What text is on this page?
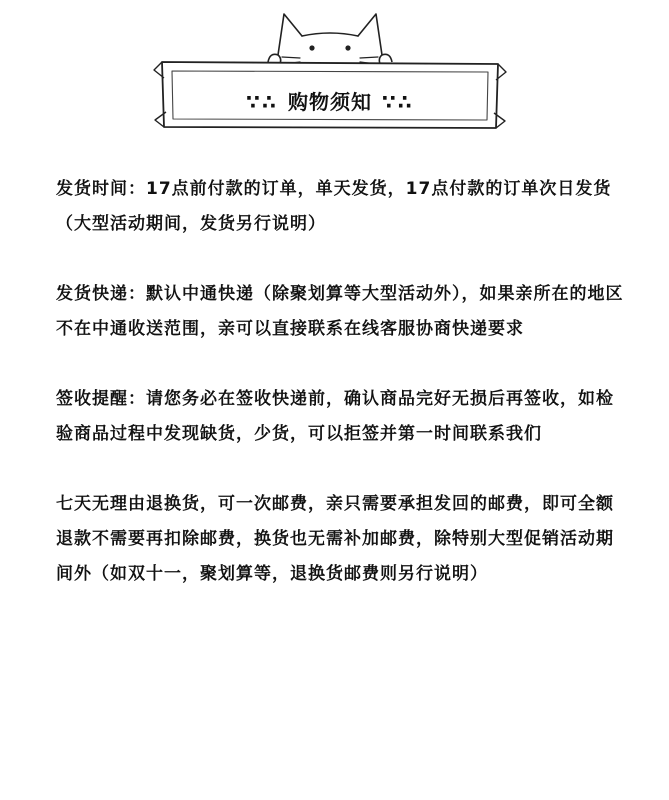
∵∴ 购物须知 ∵∴

发货时间：17点前付款的订单，单天发货，17点付款的订单次日发货（大型活动期间，发货另行说明）

发货快递：默认中通快递（除聚划算等大型活动外），如果亲所在的地区不在中通收送范围，亲可以直接联系在线客服协商快递要求

签收提醒：请您务必在签收快递前，确认商品完好无损后再签收，如检验商品过程中发现缺货，少货，可以拒签并第一时间联系我们

七天无理由退换货，可一次邮费，亲只需要承担发回的邮费，即可全额退款不需要再扣除邮费，换货也无需补加邮费，除特别大型促销活动期间外（如双十一，聚划算等，退换货邮费则另行说明）
